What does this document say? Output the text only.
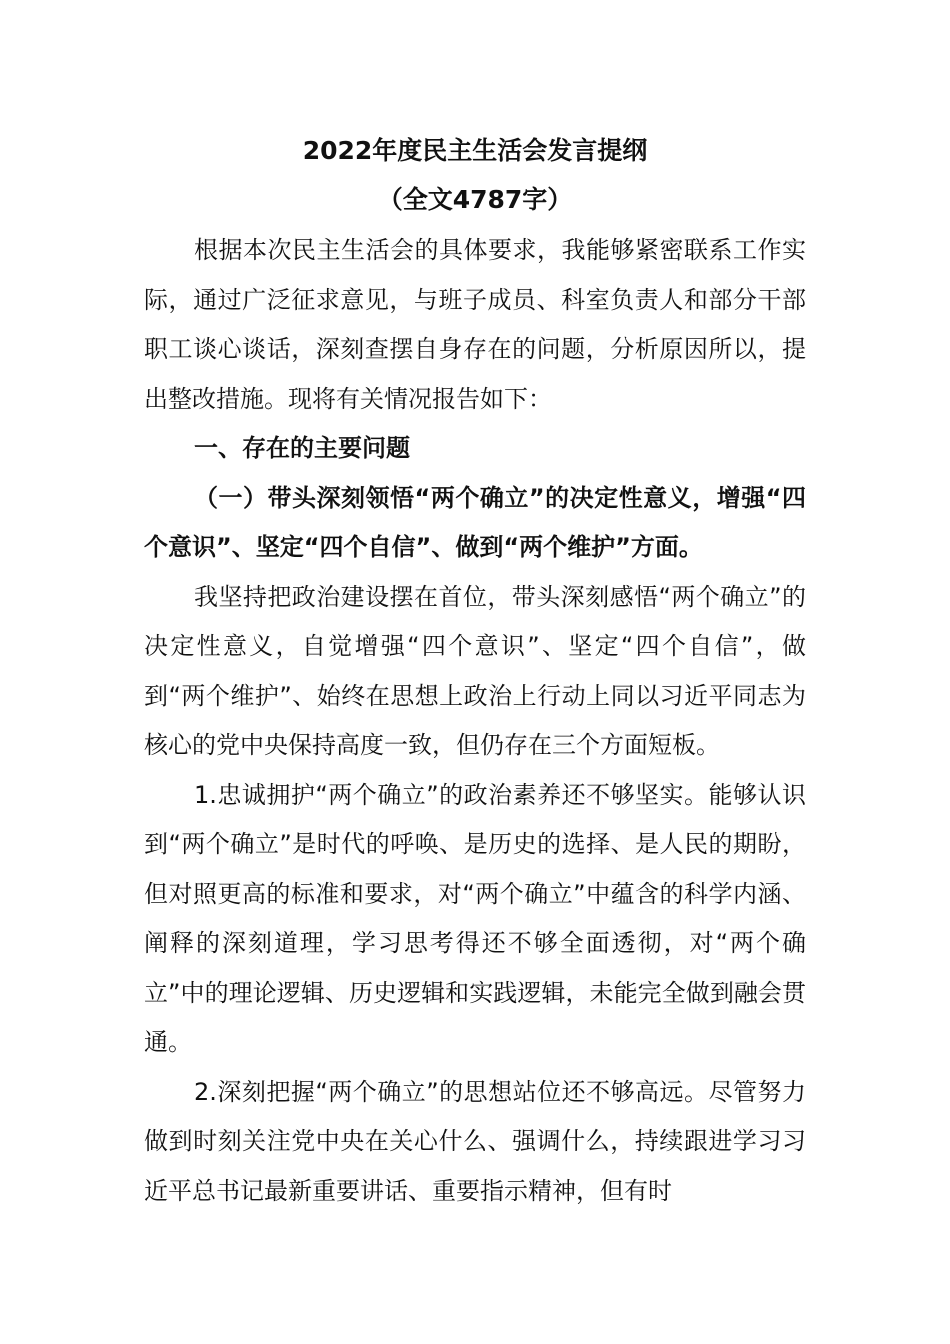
2022年度民主生活会发言提纲
（全文4787字）

根据本次民主生活会的具体要求，我能够紧密联系工作实际，通过广泛征求意见，与班子成员、科室负责人和部分干部职工谈心谈话，深刻查摆自身存在的问题，分析原因所以，提出整改措施。现将有关情况报告如下：

一、存在的主要问题

（一）带头深刻领悟“两个确立”的决定性意义，增强“四个意识”、坚定“四个自信”、做到“两个维护”方面。

我坚持把政治建设摆在首位，带头深刻感悟“两个确立”的决定性意义，自觉增强“四个意识”、坚定“四个自信”，做到“两个维护”、始终在思想上政治上行动上同以习近平同志为核心的党中央保持高度一致，但仍存在三个方面短板。

1.忠诚拥护“两个确立”的政治素养还不够坚实。能够认识到“两个确立”是时代的呼唤、是历史的选择、是人民的期盼，但对照更高的标准和要求，对“两个确立”中蕴含的科学内涵、阐释的深刻道理，学习思考得还不够全面透彻，对“两个确立”中的理论逻辑、历史逻辑和实践逻辑，未能完全做到融会贯通。

2.深刻把握“两个确立”的思想站位还不够高远。尽管努力做到时刻关注党中央在关心什么、强调什么，持续跟进学习习近平总书记最新重要讲话、重要指示精神，但有时
